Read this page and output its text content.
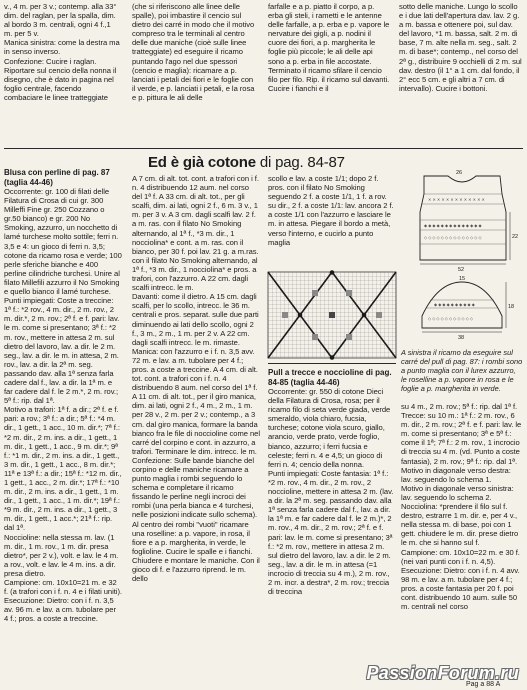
v., 4 m. per 3 v.; contemp. alla 33° dim. del raglan, per la spalla, dim. al bordo 3 m. centrali, ogni 4 f.,1 m. per 5 v.
Manica sinistra: come la destra ma in senso inverso.
Confezione: Cucire i raglan. Riportare sul cencio della nonna il disegno, che è dato in pagina nel foglio centrale, facendo combaciare le linee tratteggiate
(che si riferiscono alle linee delle spalle), poi imbastire il cencio sul dietro dei carré in modo che il motivo compreso tra le terminali al centro delle due maniche (cioè sulle linee tratteggiate) ed eseguire il ricamo puntando l'ago nel due spessori (cencio e maglia): ricamare a p. lanciati i petali dei fiori e le foglie con il verde, e p. lanciati i petali, e la rosa e p. pittura le ali delle
farfalle e a p. piatto il corpo, a p. erba gli steli, i rametti e le antenne delle farfalle, a p. erba e p. vapore le nervature dei gigli, a p. nodini il cuore dei fiori, a p. margherita le foglie più piccole; le ali delle api sono a p. erba in file accostate. Terminato il ricamo sfilare il cencio filo per filo. Rip. il ricamo sul davanti. Cucire i fianchi e il
sotto delle maniche. Lungo lo scollo e i due lati dell'apertura dav. lav. 2 g. a m. bassa e ottenere poi, sul dav. del lavoro, *1 m. bassa, salt. 2 m. di base, 7 m. alte nella m. seg., salt. 2 m. di base*; contemp., nel corso del 2ª g., distribuire 9 occhielli di 2 m. sul dav. destro (il 1° a 1 cm. dal fondo, il 2° ecc 5 cm. e gli altri a 7 cm. di intervallo). Cucire i bottoni.
Ed è già cotone di pag. 84-87
Blusa con perline di pag. 87
(taglia 44-46)
Occorrente: gr. 100 di filati delle Filatura di Crosa di cui gr. 300 Milleffi Fine gr. 250 Cozzano o gr.50 bianco) e gr. 200 No Smoking, azzurro, un nocchetto di lamé turchese molto sottile; ferri n. 3,5 e 4: un gioco di ferri n. 3,5; cotone da ricamo rosa e verde; 100 perle sferiche bianche e 400 perline cilindriche turchesi. Unire al filato Millefili azzurro il No Smoking e quello bianco il lamé turchese.
Punti impiegati: Coste a treccine: 1ª f.: *2 rov., 4 m. dir., 2 m. rov., 2 m. dir.*, 2 m. rov.; 2ª f. e f. pari: lav. le m. come si presentano; 3ª f.: *2 m. rov., mettere in attesa 2 m. sul dietro del lavoro, lav. a dir. le 2 m. seg., lav. a dir. le m. in attesa, 2 m. rov., lav. a dir. la 2ª m. seg. passando dav. alla 1ª senza farla cadere dal f., lav. a dir. la 1ª m. e far cadere dal f. le 2 m.*, 2 m. rov.; 5ª f.: rip. dal 1ª.
Motivo a trafori: 1ª f. a dir.; 2ª f. e f. pari: a rov.; 3ª f.: a dir.; 5ª f.: *4 m. dir., 1 gett., 1 acc., 10 m. dir.*; 7ª f.: *2 m. dir., 2 m. ins. a dir., 1 gett., 1 m. dir., 1 gett., 1 acc., 9 m. dir.*; 9ª f.: *1 m. dir., 2 m. ins. a dir., 1 gett., 3 m. dir., 1 gett., 1 acc., 8 m. dir.*; 11ª e 13ª f.: a dir.; 15ª f.: *12 m. dir., 1 gett., 1 acc., 2 m. dir.*; 17ª f.: *10 m. dir., 2 m. ins. a dir., 1 gett., 1 m. dir., 1 gett., 1 acc., 1 m. dir.*; 19ª f.: *9 m. dir., 2 m. ins. a dir., 1 gett., 3 m. dir., 1 gett., 1 acc.*; 21ª f.: rip. dal 1ª.
Noccioline: nella stessa m. lav. (1 m. dir., 1 m. rov., 1 m. dir. presa dietro*, per 2 v.), volt. e lav. le 4 m. a rov., volt. e lav. le 4 m. ins. a dir. presa dietro.
Campione: cm. 10x10=21 m. e 32 f. (a trafori con i f. n. 4 e i filati uniti).
Esecuzione: Dietro: con i f. n. 3,5 av. 96 m. e lav. a cm. tubolare per 4 f.; pros. a coste a treccine.
A 7 cm. di alt. tot. cont. a trafori con i f. n. 4 distribuendo 12 aum. nel corso del 1ª f. A 33 cm. di alt. tot., per gli scalfi, dim. ai lati, ogni 2 f., 6 m. 3 v., 1 m. per 3 v. A 3 cm. dagli scalfi lav. 2 f. a m. ras. con il filato No Smoking alternando, al 1ª f., *3 m. dir., 1 nocciolina* e cont. a m. ras. con il bianco, per 30 f. poi lav. 21 g. a m.ras. con il filato No Smoking alternando, al 1ª f., *3 m. dir., 1 nocciolina* e pros. a trafori, con l'azzurro. A 22 cm. dagli scalfi intrecc. le m.
Davanti: come il dietro. A 15 cm. dagli scalfi, per lo scollo, intrecc. le 36 m. centrali e pros. separat. sulle due parti diminuendo ai lati dello scollo, ogni 2 f., 3 m., 2 m., 1 m. per 2 v. A 22 cm. dagli scalfi intrecc. le m. rimaste.
Manica: con l'azzurro e i f. n. 3,5 avv. 72 m. e lav. a m. tubolare per 4 f.; pros. a coste a treccine. A 4 cm. di alt. tot. cont. a trafori con i f. n. 4 distribuendo 8 aum. nel corso del 1ª f. A 11 cm. di alt. tot., per il giro manica, dim. ai lati, ogni 2 f., 4 m., 2 m., 1 m. per 28 v., 2 m. per 2 v.; contemp., a 3 cm. dal giro manica, formare la banda bianco fra le file di noccioline come nel carré del corpino e cont. in azzurro, a trafori. Terminare le dim. intrecc. le m.
Confezione: Sulle bande bianche del corpino e delle maniche ricamare a punto maglia i rombi seguendo lo schema e completare il ricamo fissando le perline negli incroci dei rombi (una perla bianca e 4 turchesi, nelle posizioni indicate sullo schema). Al centro dei rombi "vuoti" ricamare una roselline: a p. vapore, in rosa, il fiore e a p. margherita, in verde, le foglioline. Cucire le spalle e i fianchi. Chiudere e montare le maniche. Con il gioco di f. e l'azzurro riprend. le m. dello
scollo e lav. a coste 1/1; dopo 2 f. pros. con il filato No Smoking seguendo 2 f. a coste 1/1, 1 f. a rov. su dir., 2 f. a coste 1/1: lav. ancora 2 f. a coste 1/1 con l'azzurro e lasciare le m. in attesa. Piegare il bordo a metà, verso l'interno, e cucirlo a punto maglia
✕ ✕ ✕ ✕ ✕ ✕ ✕ ✕ ✕ ✕ ✕ ✕ ✕
◆ ◆ ◆ ◆ ◆ ◆ ◆ ◆ ◆ ◆ ◆ ◆ ◆ ◆
◇ ◇ ◇ ◇ ◇ ◇ ◇ ◇ ◇ ◇ ◇ ◇ ◇ ◇
26
22
52
◆ ◆ ◆ ◆ ◆ ◆ ◆ ◆ ◆ ◆
◇ ◇ ◇ ◇ ◇ ◇ ◇ ◇ ◇ ◇ ◇
15
18
38
A sinistra il ricamo da eseguire sul carré del pull di pag. 87: i rombi sono a punto maglia con il lurex azzurro, le roselline a p. vapore in rosa e le foglie a p. margherita in verde.
Pull a trecce e noccioline di pag. 84-85 (taglia 44-46)
Occorrente: gr. 550 di cotone Dieci della Filatura di Crosa, rosa; per il ricamo filo di seta verde giada, verde smeraldo, viola chiaro, fucsia, turchese; cotone viola scuro, giallo, arancio, verde prato, verde foglio, bianco, azzurro; i ferri fucsia e celeste; ferri n. 4 e 4,5; un gioco di ferri n. 4; cencio della nonna.
Punti impiegati: Coste fantasia: 1ª f.: *2 m. rov., 4 m. dir., 2 m. rov., 2 noccioline, mettere in attesa 2 m. (lav. a dir. la 2ª m. seg. passando dav. alla 1ª senza farla cadere dal f., lav. a dir. la 1ª m. e far cadere dal f. le 2 m.)*, 2 m. rov., 4 m. dir., 2 m. rov.; 2ª f. e f. pari: lav. le m. come si presentano; 3ª f.: *2 m. rov., mettere in attesa 2 m. sul dietro del lavoro, lav. a dir. le 2 m. seg., lav. a dir. le m. in attesa (=1 incrocio di treccia su 4 m.), 2 m. rov., 2 m. incr. a destra*, 2 m. rov.; treccia di treccina
su 4 m., 2 m. rov.; 5ª f.: rip. dal 1ª f. Trecce: su 10 m.: 1ª f.: 2 m. rov., 6 m. dir., 2 m. rov.; 2ª f. e f. pari: lav. le m. come si presentano; 3ª e 5ª f.: come il 1ª; 7ª f.: 2 m. rov., 1 incrocio di treccia su 4 m. (vd. Punto a coste fantasia), 2 m. rov.; 9ª f.: rip. dal 1ª.
Motivo in diagonale verso destra: lav. seguendo lo schema 1.
Motivo in diagonale verso sinistra: lav. seguendo lo schema 2. Nocciolina: *prendere il filo sul f. destro, estrarre 1 m. dir. e, per 4 v., nella stessa m. di base, poi con 1 gett. chiudere le m. dir. prese dietro le m. che si hanno sul f.
Campione: cm. 10x10=22 m. e 30 f. (nei vari punti con i f. n. 4,5).
Esecuzione: Dietro: con i f. n. 4 avv. 98 m. e lav. a m. tubolare per 4 f.; pros. a coste fantasia per 20 f. poi cont. distribuendo 10 aum. sulle 50 m. centrali nel corso
Pag a 88 A
PassionForum.ru
